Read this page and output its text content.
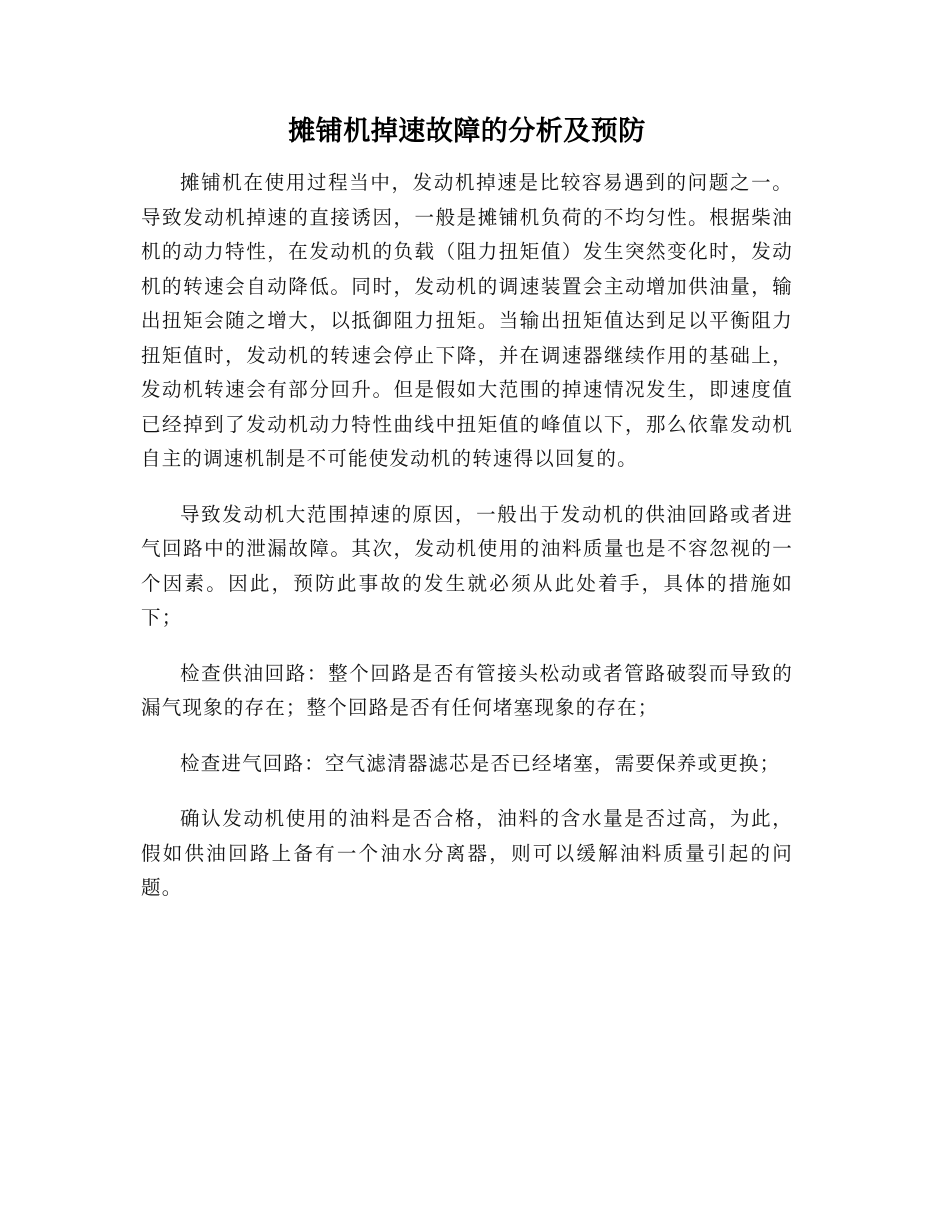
摊铺机掉速故障的分析及预防

摊铺机在使用过程当中，发动机掉速是比较容易遇到的问题之一。导致发动机掉速的直接诱因，一般是摊铺机负荷的不均匀性。根据柴油机的动力特性，在发动机的负载（阻力扭矩值）发生突然变化时，发动机的转速会自动降低。同时，发动机的调速装置会主动增加供油量，输出扭矩会随之增大，以抵御阻力扭矩。当输出扭矩值达到足以平衡阻力扭矩值时，发动机的转速会停止下降，并在调速器继续作用的基础上，发动机转速会有部分回升。但是假如大范围的掉速情况发生，即速度值已经掉到了发动机动力特性曲线中扭矩值的峰值以下，那么依靠发动机自主的调速机制是不可能使发动机的转速得以回复的。

导致发动机大范围掉速的原因，一般出于发动机的供油回路或者进气回路中的泄漏故障。其次，发动机使用的油料质量也是不容忽视的一个因素。因此，预防此事故的发生就必须从此处着手，具体的措施如下；

检查供油回路：整个回路是否有管接头松动或者管路破裂而导致的漏气现象的存在；整个回路是否有任何堵塞现象的存在；

检查进气回路：空气滤清器滤芯是否已经堵塞，需要保养或更换；

确认发动机使用的油料是否合格，油料的含水量是否过高，为此，假如供油回路上备有一个油水分离器，则可以缓解油料质量引起的问题。
